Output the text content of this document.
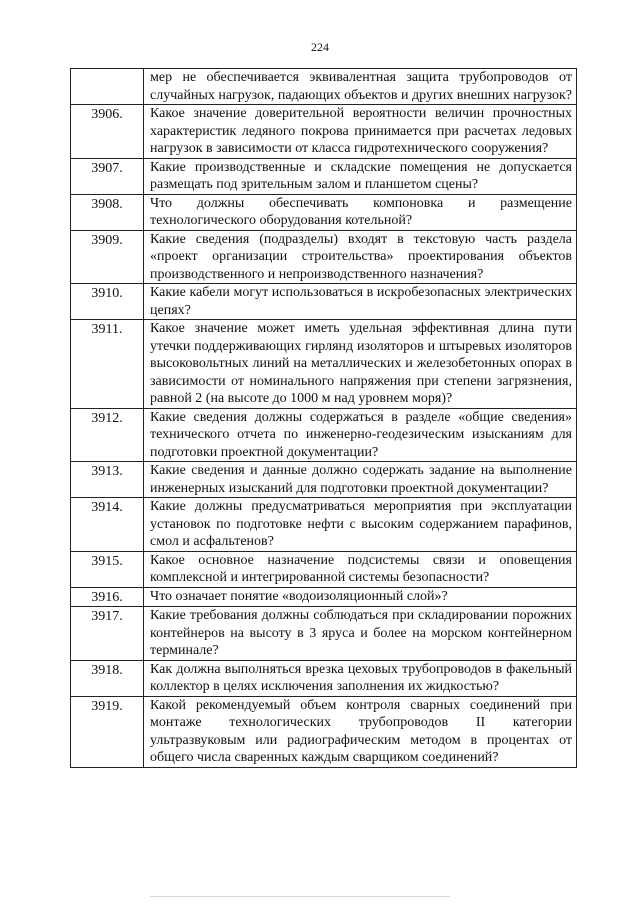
224
	мер не обеспечивается эквивалентная защита трубопроводов от случайных нагрузок, падающих объектов и других внешних нагрузок?
3906.	Какое значение доверительной вероятности величин прочностных характеристик ледяного покрова принимается при расчетах ледовых нагрузок в зависимости от класса гидротехнического сооружения?
3907.	Какие производственные и складские помещения не допускается размещать под зрительным залом и планшетом сцены?
3908.	Что должны обеспечивать компоновка и размещение технологического оборудования котельной?
3909.	Какие сведения (подразделы) входят в текстовую часть раздела «проект организации строительства» проектирования объектов производственного и непроизводственного назначения?
3910.	Какие кабели могут использоваться в искробезопасных электрических цепях?
3911.	Какое значение может иметь удельная эффективная длина пути утечки поддерживающих гирлянд изоляторов и штыревых изоляторов высоковольтных линий на металлических и железобетонных опорах в зависимости от номинального напряжения при степени загрязнения, равной 2 (на высоте до 1000 м над уровнем моря)?
3912.	Какие сведения должны содержаться в разделе «общие сведения» технического отчета по инженерно-геодезическим изысканиям для подготовки проектной документации?
3913.	Какие сведения и данные должно содержать задание на выполнение инженерных изысканий для подготовки проектной документации?
3914.	Какие должны предусматриваться мероприятия при эксплуатации установок по подготовке нефти с высоким содержанием парафинов, смол и асфальтенов?
3915.	Какое основное назначение подсистемы связи и оповещения комплексной и интегрированной системы безопасности?
3916.	Что означает понятие «водоизоляционный слой»?
3917.	Какие требования должны соблюдаться при складировании порожних контейнеров на высоту в 3 яруса и более на морском контейнерном терминале?
3918.	Как должна выполняться врезка цеховых трубопроводов в факельный коллектор в целях исключения заполнения их жидкостью?
3919.	Какой рекомендуемый объем контроля сварных соединений при монтаже технологических трубопроводов II категории ультразвуковым или радиографическим методом в процентах от общего числа сваренных каждым сварщиком соединений?
